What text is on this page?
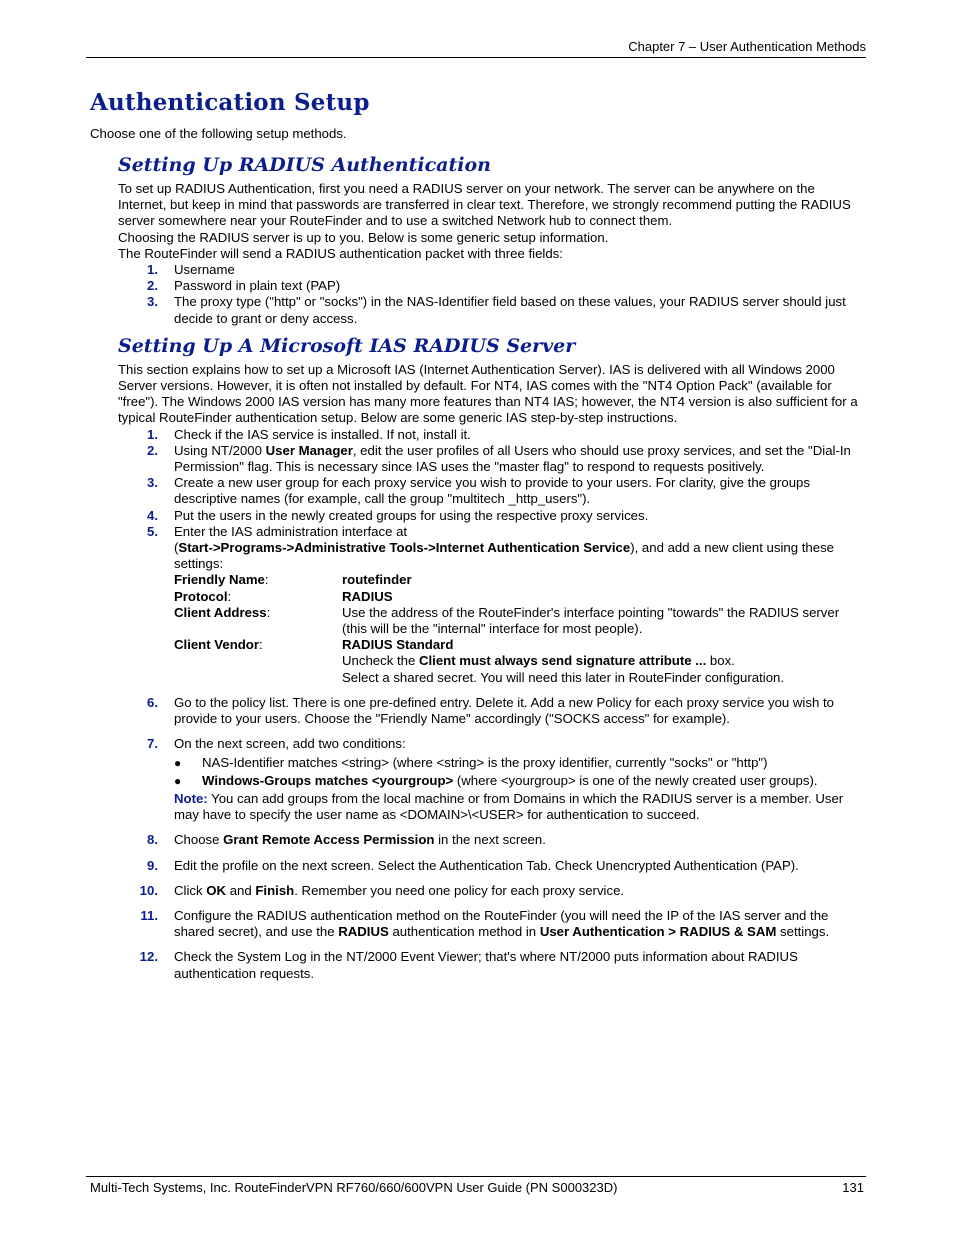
Chapter 7 – User Authentication Methods
Authentication Setup

Choose one of the following setup methods.

Setting Up RADIUS Authentication

To set up RADIUS Authentication, first you need a RADIUS server on your network. The server can be anywhere on the Internet, but keep in mind that passwords are transferred in clear text. Therefore, we strongly recommend putting the RADIUS server somewhere near your RouteFinder and to use a switched Network hub to connect them.

Choosing the RADIUS server is up to you. Below is some generic setup information.

The RouteFinder will send a RADIUS authentication packet with three fields:

1. Username
2. Password in plain text (PAP)
3. The proxy type ("http" or "socks") in the NAS-Identifier field based on these values, your RADIUS server should just decide to grant or deny access.
Setting Up A Microsoft IAS RADIUS Server

This section explains how to set up a Microsoft IAS (Internet Authentication Server). IAS is delivered with all Windows 2000 Server versions. However, it is often not installed by default. For NT4, IAS comes with the "NT4 Option Pack" (available for "free"). The Windows 2000 IAS version has many more features than NT4 IAS; however, the NT4 version is also sufficient for a typical RouteFinder authentication setup. Below are some generic IAS step-by-step instructions.

1. Check if the IAS service is installed. If not, install it.
2. Using NT/2000 User Manager, edit the user profiles of all Users who should use proxy services, and set the "Dial-In Permission" flag. This is necessary since IAS uses the "master flag" to respond to requests positively.
3. Create a new user group for each proxy service you wish to provide to your users. For clarity, give the groups descriptive names (for example, call the group "multitech _http_users").
4. Put the users in the newly created groups for using the respective proxy services.
5. Enter the IAS administration interface at
(Start->Programs->Administrative Tools->Internet Authentication Service), and add a new client using these settings:
Friendly Name:	routefinder
Protocol:	RADIUS
Client Address:	Use the address of the RouteFinder's interface pointing "towards" the RADIUS server (this will be the "internal" interface for most people).
Client Vendor:	RADIUS Standard
Uncheck the Client must always send signature attribute ... box.
Select a shared secret. You will need this later in RouteFinder configuration.
6. Go to the policy list. There is one pre-defined entry. Delete it. Add a new Policy for each proxy service you wish to provide to your users. Choose the "Friendly Name" accordingly ("SOCKS access" for example).
7. On the next screen, add two conditions:
● NAS-Identifier matches <string> (where <string> is the proxy identifier, currently "socks" or "http")
● Windows-Groups matches <yourgroup> (where <yourgroup> is one of the newly created user groups).
Note: You can add groups from the local machine or from Domains in which the RADIUS server is a member. User may have to specify the user name as <DOMAIN>\<USER> for authentication to succeed.
8. Choose Grant Remote Access Permission in the next screen.
9. Edit the profile on the next screen. Select the Authentication Tab. Check Unencrypted Authentication (PAP).
10. Click OK and Finish. Remember you need one policy for each proxy service.
11. Configure the RADIUS authentication method on the RouteFinder (you will need the IP of the IAS server and the shared secret), and use the RADIUS authentication method in User Authentication > RADIUS & SAM settings.
12. Check the System Log in the NT/2000 Event Viewer; that's where NT/2000 puts information about RADIUS authentication requests.
Multi-Tech Systems, Inc. RouteFinderVPN RF760/660/600VPN User Guide (PN S000323D)	131
